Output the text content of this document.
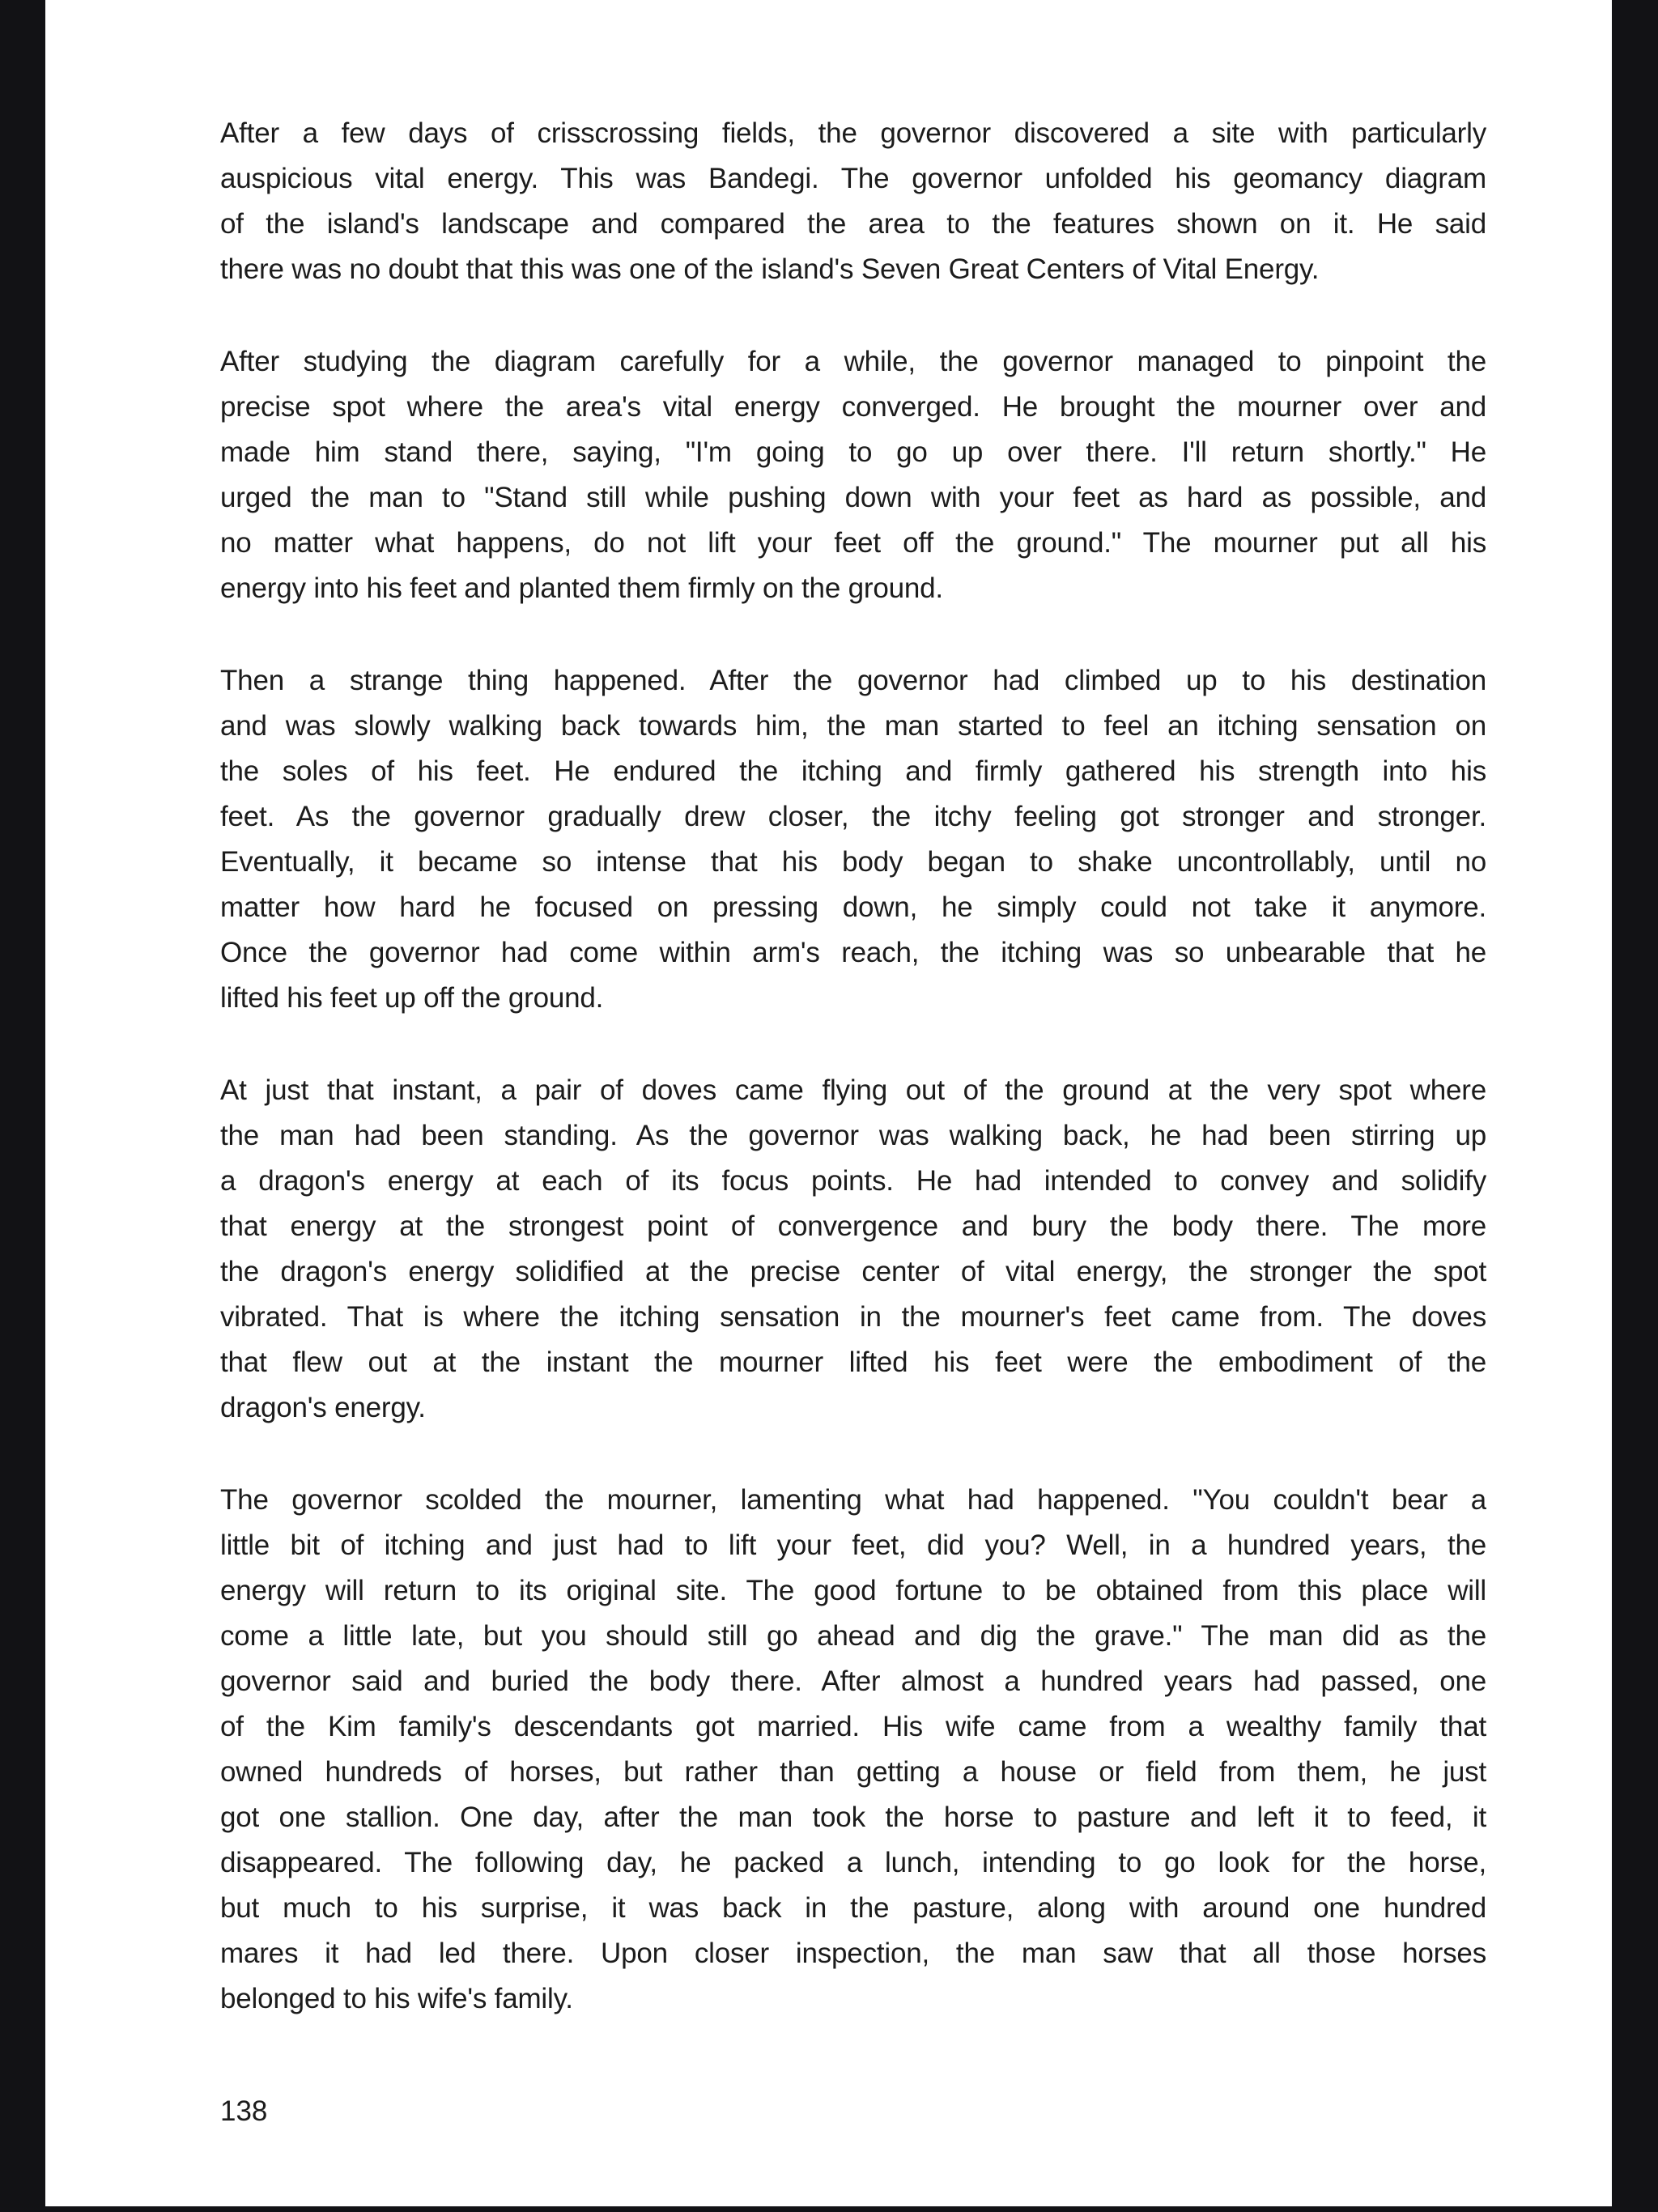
After a few days of crisscrossing fields, the governor discovered a site with particularly
auspicious vital energy. This was Bandegi. The governor unfolded his geomancy diagram
of the island's landscape and compared the area to the features shown on it. He said
there was no doubt that this was one of the island's Seven Great Centers of Vital Energy.
After studying the diagram carefully for a while, the governor managed to pinpoint the
precise spot where the area's vital energy converged. He brought the mourner over and
made him stand there, saying, "I'm going to go up over there. I'll return shortly." He
urged the man to "Stand still while pushing down with your feet as hard as possible, and
no matter what happens, do not lift your feet off the ground." The mourner put all his
energy into his feet and planted them firmly on the ground.
Then a strange thing happened. After the governor had climbed up to his destination
and was slowly walking back towards him, the man started to feel an itching sensation on
the soles of his feet. He endured the itching and firmly gathered his strength into his
feet. As the governor gradually drew closer, the itchy feeling got stronger and stronger.
Eventually, it became so intense that his body began to shake uncontrollably, until no
matter how hard he focused on pressing down, he simply could not take it anymore.
Once the governor had come within arm's reach, the itching was so unbearable that he
lifted his feet up off the ground.
At just that instant, a pair of doves came flying out of the ground at the very spot where
the man had been standing. As the governor was walking back, he had been stirring up
a dragon's energy at each of its focus points. He had intended to convey and solidify
that energy at the strongest point of convergence and bury the body there. The more
the dragon's energy solidified at the precise center of vital energy, the stronger the spot
vibrated. That is where the itching sensation in the mourner's feet came from. The doves
that flew out at the instant the mourner lifted his feet were the embodiment of the
dragon's energy.
The governor scolded the mourner, lamenting what had happened. "You couldn't bear a
little bit of itching and just had to lift your feet, did you? Well, in a hundred years, the
energy will return to its original site. The good fortune to be obtained from this place will
come a little late, but you should still go ahead and dig the grave." The man did as the
governor said and buried the body there. After almost a hundred years had passed, one
of the Kim family's descendants got married. His wife came from a wealthy family that
owned hundreds of horses, but rather than getting a house or field from them, he just
got one stallion. One day, after the man took the horse to pasture and left it to feed, it
disappeared. The following day, he packed a lunch, intending to go look for the horse,
but much to his surprise, it was back in the pasture, along with around one hundred
mares it had led there. Upon closer inspection, the man saw that all those horses
belonged to his wife's family.
138
